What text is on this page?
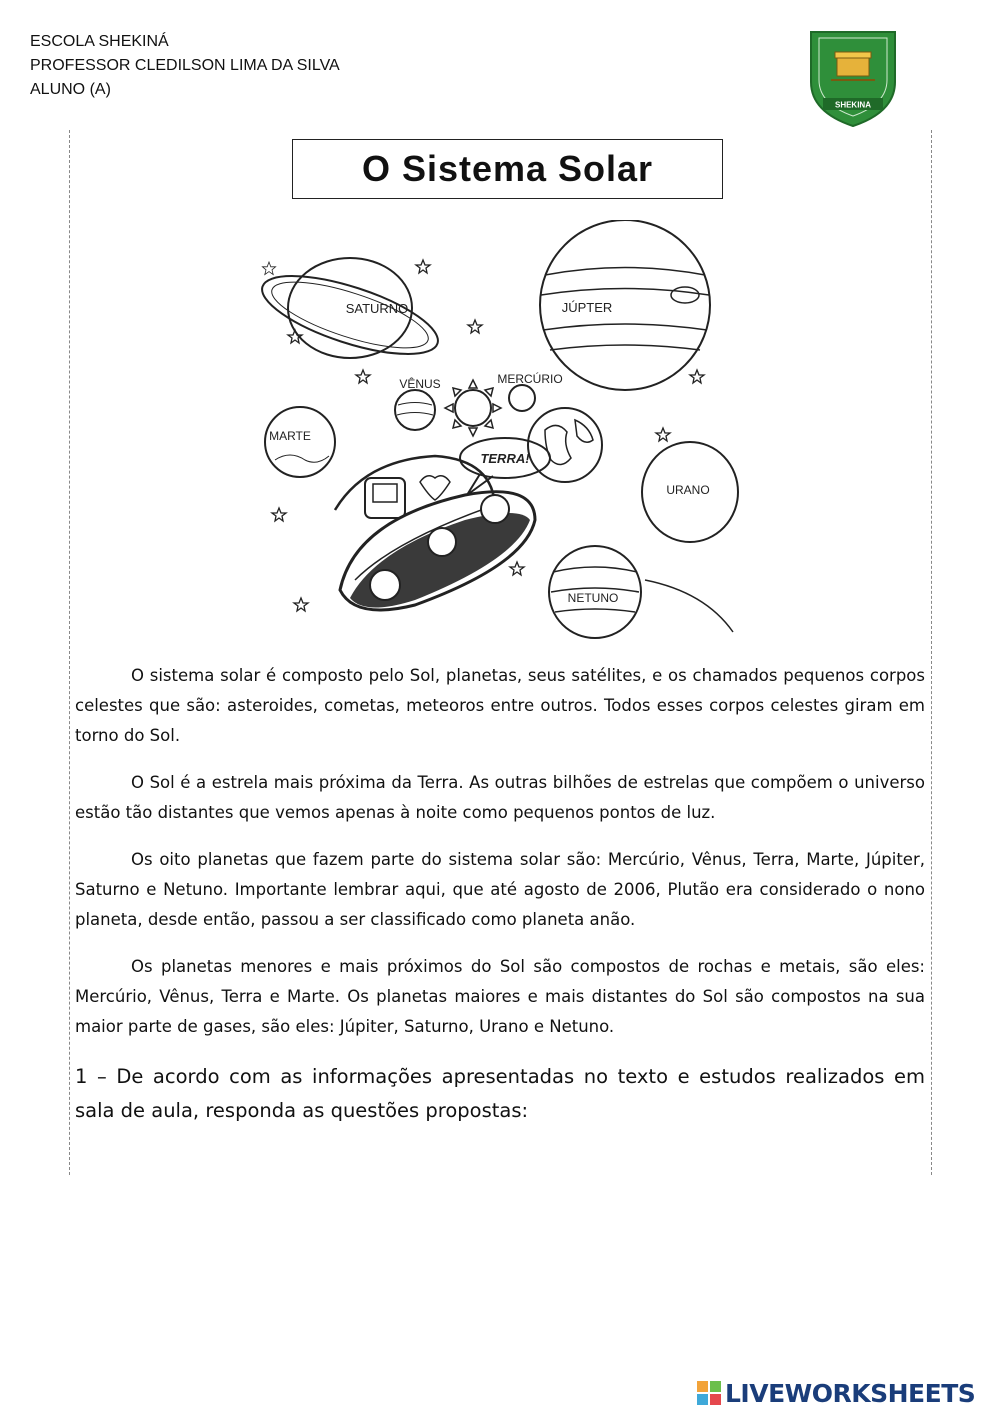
ESCOLA SHEKINÁ
PROFESSOR CLEDILSON LIMA DA SILVA
ALUNO (A)
SHEKINA
O Sistema Solar
SATURNO	JÚPTER
VÊNUS	MERCÚRIO
MARTE
TERRA!
URANO
NETUNO

O sistema solar é composto pelo Sol, planetas, seus satélites, e os chamados pequenos corpos celestes que são: asteroides, cometas, meteoros entre outros. Todos esses corpos celestes giram em torno do Sol.

O Sol é a estrela mais próxima da Terra. As outras bilhões de estrelas que compõem o universo estão tão distantes que vemos apenas à noite como pequenos pontos de luz.

Os oito planetas que fazem parte do sistema solar são: Mercúrio, Vênus, Terra, Marte, Júpiter, Saturno e Netuno. Importante lembrar aqui, que até agosto de 2006, Plutão era considerado o nono planeta, desde então, passou a ser classificado como planeta anão.

Os planetas menores e mais próximos do Sol são compostos de rochas e metais, são eles: Mercúrio, Vênus, Terra e Marte. Os planetas maiores e mais distantes do Sol são compostos na sua maior parte de gases, são eles: Júpiter, Saturno, Urano e Netuno.

1 – De acordo com as informações apresentadas no texto e estudos realizados em sala de aula, responda as questões propostas:
LIVEWORKSHEETS
